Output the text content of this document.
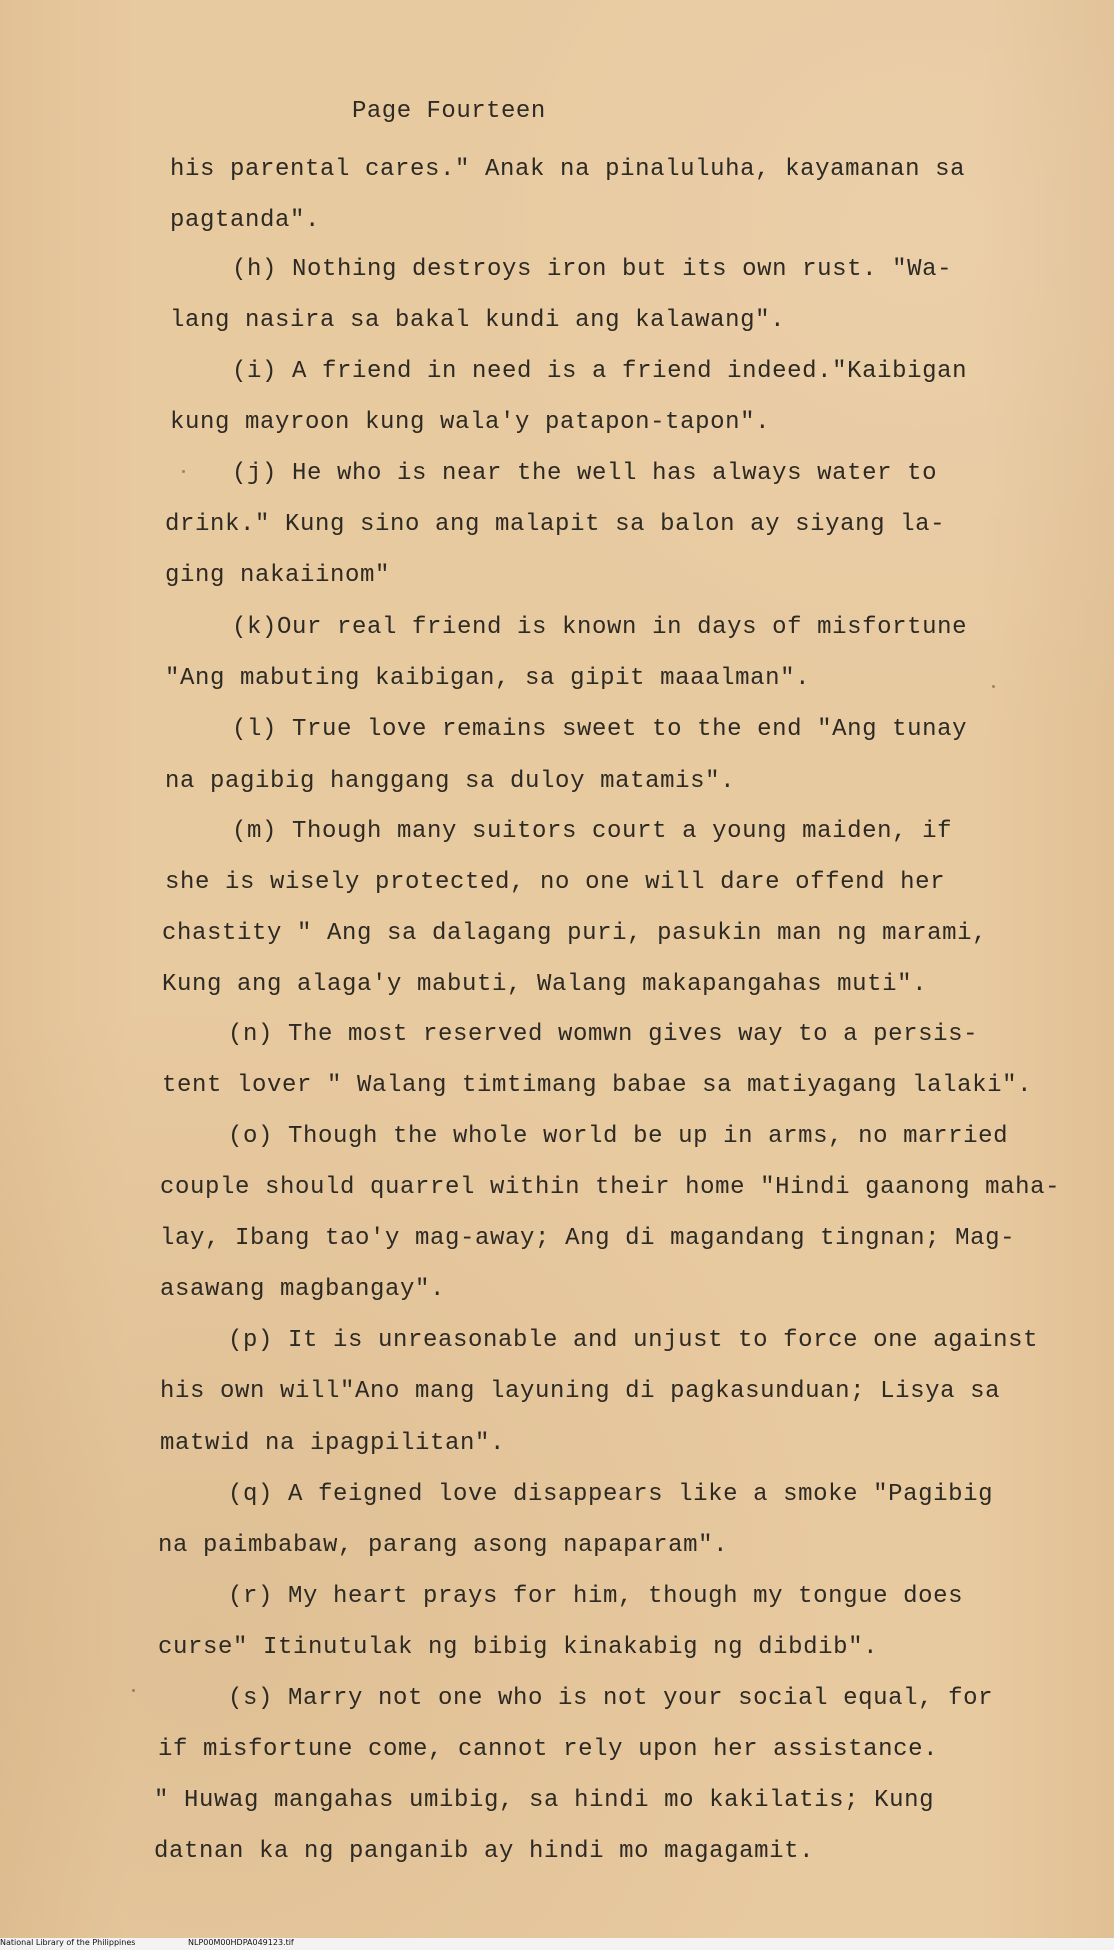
Page Fourteen
his parental cares." Anak na pinaluluha, kayamanan sa
pagtanda".
(h) Nothing destroys iron but its own rust. "Wa-
lang nasira sa bakal kundi ang kalawang".
(i) A friend in need is a friend indeed."Kaibigan
kung mayroon kung wala'y patapon-tapon".
(j) He who is near the well has always water to
drink." Kung sino ang malapit sa balon ay siyang la-
ging nakaiinom"
(k)Our real friend is known in days of misfortune
"Ang mabuting kaibigan, sa gipit maaalman".
(l) True love remains sweet to the end "Ang tunay
na pagibig hanggang sa duloy matamis".
(m) Though many suitors court a young maiden, if
she is wisely protected, no one will dare offend her
chastity " Ang sa dalagang puri, pasukin man ng marami,
Kung ang alaga'y mabuti, Walang makapangahas muti".
(n) The most reserved womwn gives way to a persis-
tent lover " Walang timtimang babae sa matiyagang lalaki".
(o) Though the whole world be up in arms, no married
couple should quarrel within their home "Hindi gaanong maha-
lay, Ibang tao'y mag-away; Ang di magandang tingnan; Mag-
asawang magbangay".
(p) It is unreasonable and unjust to force one against
his own will"Ano mang layuning di pagkasunduan; Lisya sa
matwid na ipagpilitan".
(q) A feigned love disappears like a smoke "Pagibig
na paimbabaw, parang asong napaparam".
(r) My heart prays for him, though my tongue does
curse" Itinutulak ng bibig kinakabig ng dibdib".
(s) Marry not one who is not your social equal, for
if misfortune come, cannot rely upon her assistance.
" Huwag mangahas umibig, sa hindi mo kakilatis; Kung
datnan ka ng panganib ay hindi mo magagamit.
National Library of the Philippines	NLP00M00HDPA049123.tif
